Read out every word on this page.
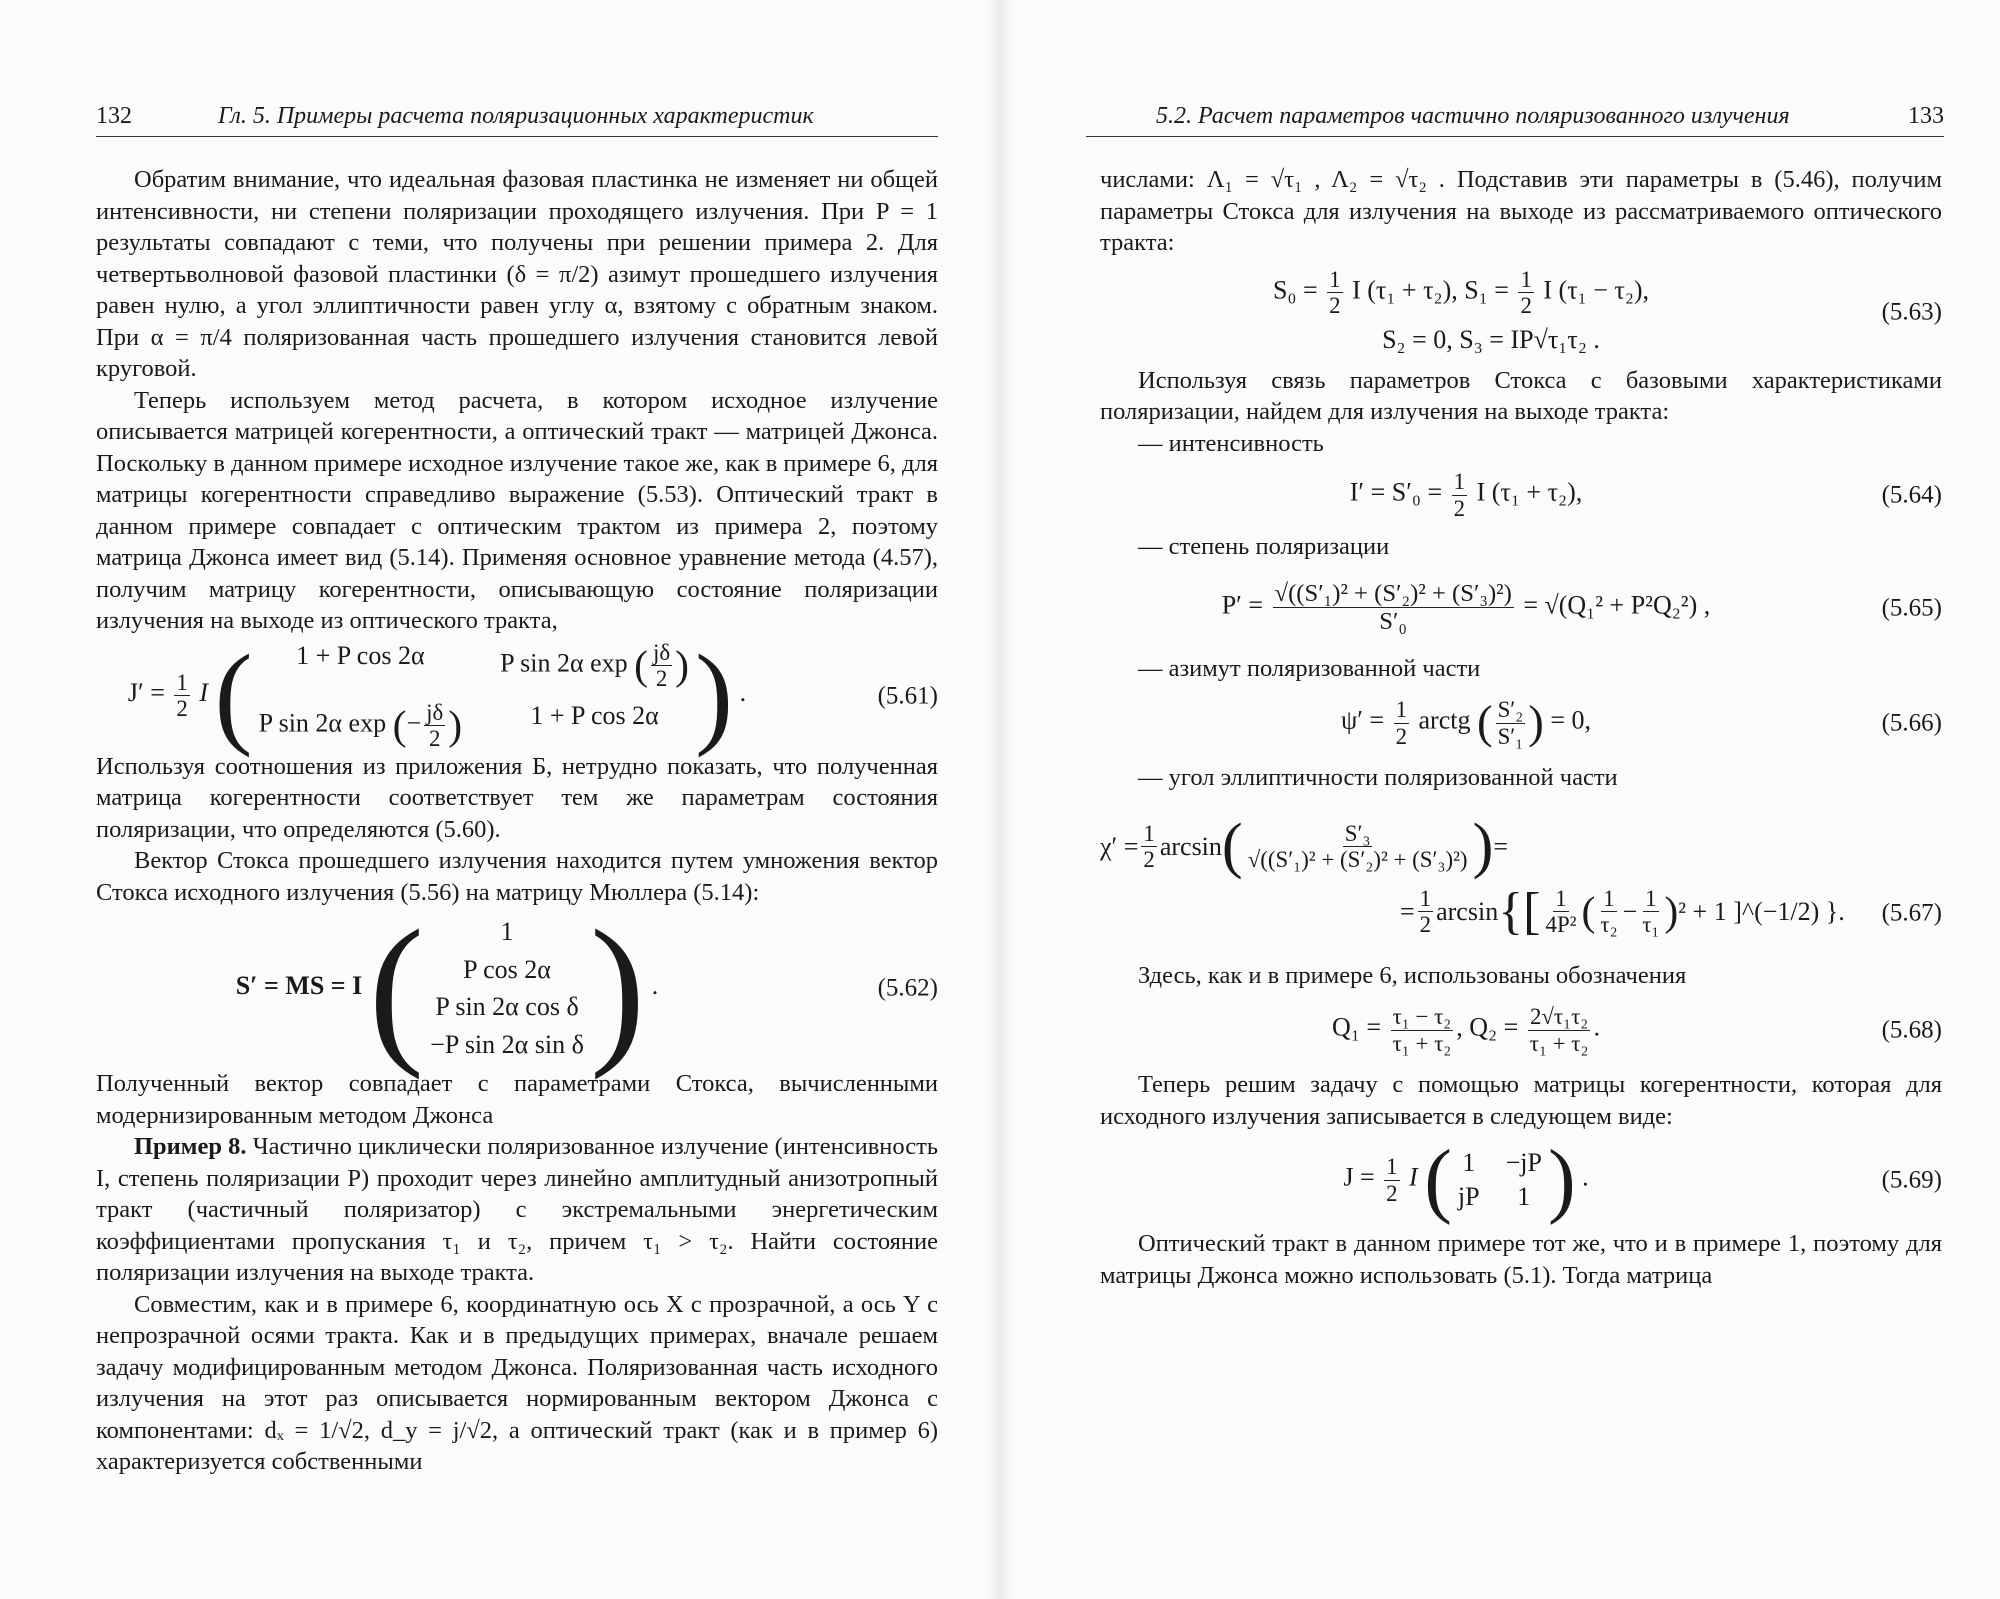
132	Гл. 5. Примеры расчета поляризационных характеристик

Обратим внимание, что идеальная фазовая пластинка не изменяет ни общей интенсивности, ни степени поляризации проходящего излучения. При P = 1 результаты совпадают с теми, что получены при решении примера 2. Для четвертьволновой фазовой пластинки (δ = π/2) азимут прошедшего излучения равен нулю, а угол эллиптичности равен углу α, взятому с обратным знаком. При α = π/4 поляризованная часть прошедшего излучения становится левой круговой.

Теперь используем метод расчета, в котором исходное излучение описывается матрицей когерентности, а оптический тракт — матрицей Джонса. Поскольку в данном примере исходное излучение такое же, как в примере 6, для матрицы когерентности справедливо выражение (5.53). Оптический тракт в данном примере совпадает с оптическим трактом из примера 2, поэтому матрица Джонса имеет вид (5.14). Применяя основное уравнение метода (4.57), получим матрицу когерентности, описывающую состояние поляризации излучения на выходе из оптического тракта,

$J' = \frac{1}{2}$ I (	1 + P cos 2α	P sin 2α exp ( $\frac{j\delta}{2}$ )
P sin 2α exp (− $\frac{j\delta}{2}$ )	1 + P cos 2α ) .	(5.61)

Используя соотношения из приложения Б, нетрудно показать, что полученная матрица когерентности соответствует тем же параметрам состояния поляризации, что определяются (5.60).

Вектор Стокса прошедшего излучения находится путем умножения вектор Стокса исходного излучения (5.56) на матрицу Мюллера (5.14):

S′ = MS = I (	1
P cos 2α
P sin 2α cos δ
−P sin 2α sin δ ) .	(5.62)

Полученный вектор совпадает с параметрами Стокса, вычисленными модернизированным методом Джонса

Пример 8. Частично циклически поляризованное излучение (интенсивность I, степень поляризации P) проходит через линейно амплитудный анизотропный тракт (частичный поляризатор) с экстремальными энергетическим коэффициентами пропускания τ₁ и τ₂, причем τ₁ > τ₂. Найти состояние поляризации излучения на выходе тракта.

Совместим, как и в примере 6, координатную ось X с прозрачной, а ось Y с непрозрачной осями тракта. Как и в предыдущих примерах, вначале решаем задачу модифицированным методом Джонса. Поляризованная часть исходного излучения на этот раз описывается нормированным вектором Джонса с компонентами: dₓ = 1/√2, d_y = j/√2, а оптический тракт (как и в пример 6) характеризуется собственными

5.2. Расчет параметров частично поляризованного излучения	133

числами: Λ₁ = √τ₁ , Λ₂ = √τ₂ . Подставив эти параметры в (5.46), получим параметры Стокса для излучения на выходе из рассматриваемого оптического тракта:

$S_0 = \frac{1}{2}$ I (τ₁ + τ₂), $S_1 = \frac{1}{2}$ I (τ₁ − τ₂),
S₂ = 0, S₃ = IP√τ₁τ₂ .
(5.63)

Используя связь параметров Стокса с базовыми характеристиками поляризации, найдем для излучения на выходе тракта:

— интенсивность

$I' = S'_0 = \frac{1}{2}$ I (τ₁ + τ₂),	(5.64)

— степень поляризации

$P' = \frac{\text{√((S′₁)² + (S′₂)² + (S′₃)²)}}{\text{S′₀}} = √(Q_1^2 + P^2Q_2^2)$ ,	(5.65)

— азимут поляризованной части

$\psi' = \frac{1}{2}$ arctg ( $\frac{\text{S′₂}}{\text{S′₁}}$ ) = 0,	(5.66)

— угол эллиптичности поляризованной части

$\chi' = \frac{1}{2}$ arcsin ( $\frac{\text{S′₃}}{\text{√((S′₁)² + (S′₂)² + (S′₃)²)}}$ ) =
= $\frac{1}{2}$ arcsin { [ $\frac{1}{\text{4P²}}$ ( $\frac{1}{\text{τ₂}} - \frac{1}{\text{τ₁}}$ ) ² + 1 ]^(−1/2) }. (5.67)

Здесь, как и в примере 6, использованы обозначения

$Q_1 = \frac{\text{τ₁ − τ₂}}{\text{τ₁ + τ₂}}$ , $Q_2 = \frac{\text{2√τ₁τ₂}}{\text{τ₁ + τ₂}}$ .	(5.68)

Теперь решим задачу с помощью матрицы когерентности, которая для исходного излучения записывается в следующем виде:

$J = \frac{1}{2}$ I ( 1 −jP
jP	1 ) .	(5.69)

Оптический тракт в данном примере тот же, что и в примере 1, поэтому для матрицы Джонса можно использовать (5.1). Тогда матрица
